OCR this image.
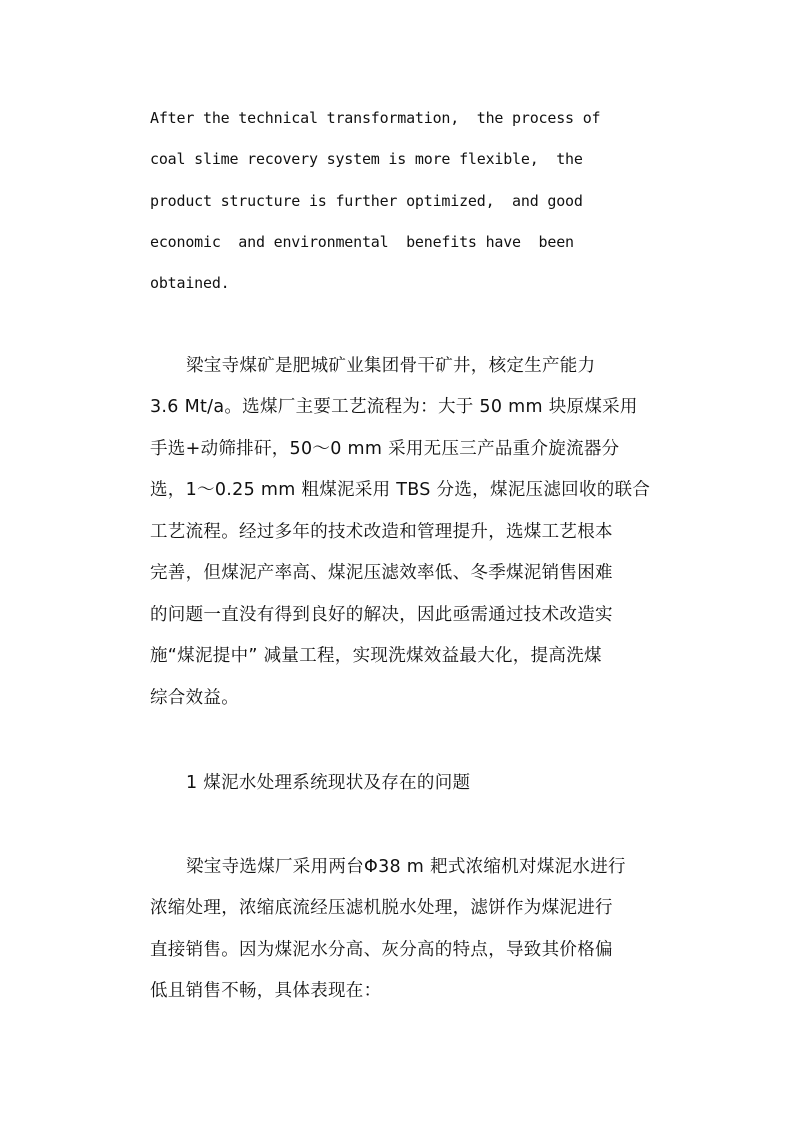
After the technical transformation,  the process of
coal slime recovery system is more flexible,  the
product structure is further optimized,  and good
economic  and environmental  benefits have  been
obtained.
梁宝寺煤矿是肥城矿业集团骨干矿井，核定生产能力
3.6 Mt/a。选煤厂主要工艺流程为：大于 50 mm 块原煤采用
手选+动筛排矸，50～0 mm 采用无压三产品重介旋流器分
选，1～0.25 mm 粗煤泥采用 TBS 分选，煤泥压滤回收的联合
工艺流程。经过多年的技术改造和管理提升，选煤工艺根本
完善，但煤泥产率高、煤泥压滤效率低、冬季煤泥销售困难
的问题一直没有得到良好的解决，因此亟需通过技术改造实
施“煤泥提中” 减量工程，实现洗煤效益最大化，提高洗煤
综合效益。
1 煤泥水处理系统现状及存在的问题
梁宝寺选煤厂采用两台Φ38 m 耙式浓缩机对煤泥水进行
浓缩处理，浓缩底流经压滤机脱水处理，滤饼作为煤泥进行
直接销售。因为煤泥水分高、灰分高的特点，导致其价格偏
低且销售不畅，具体表现在：
